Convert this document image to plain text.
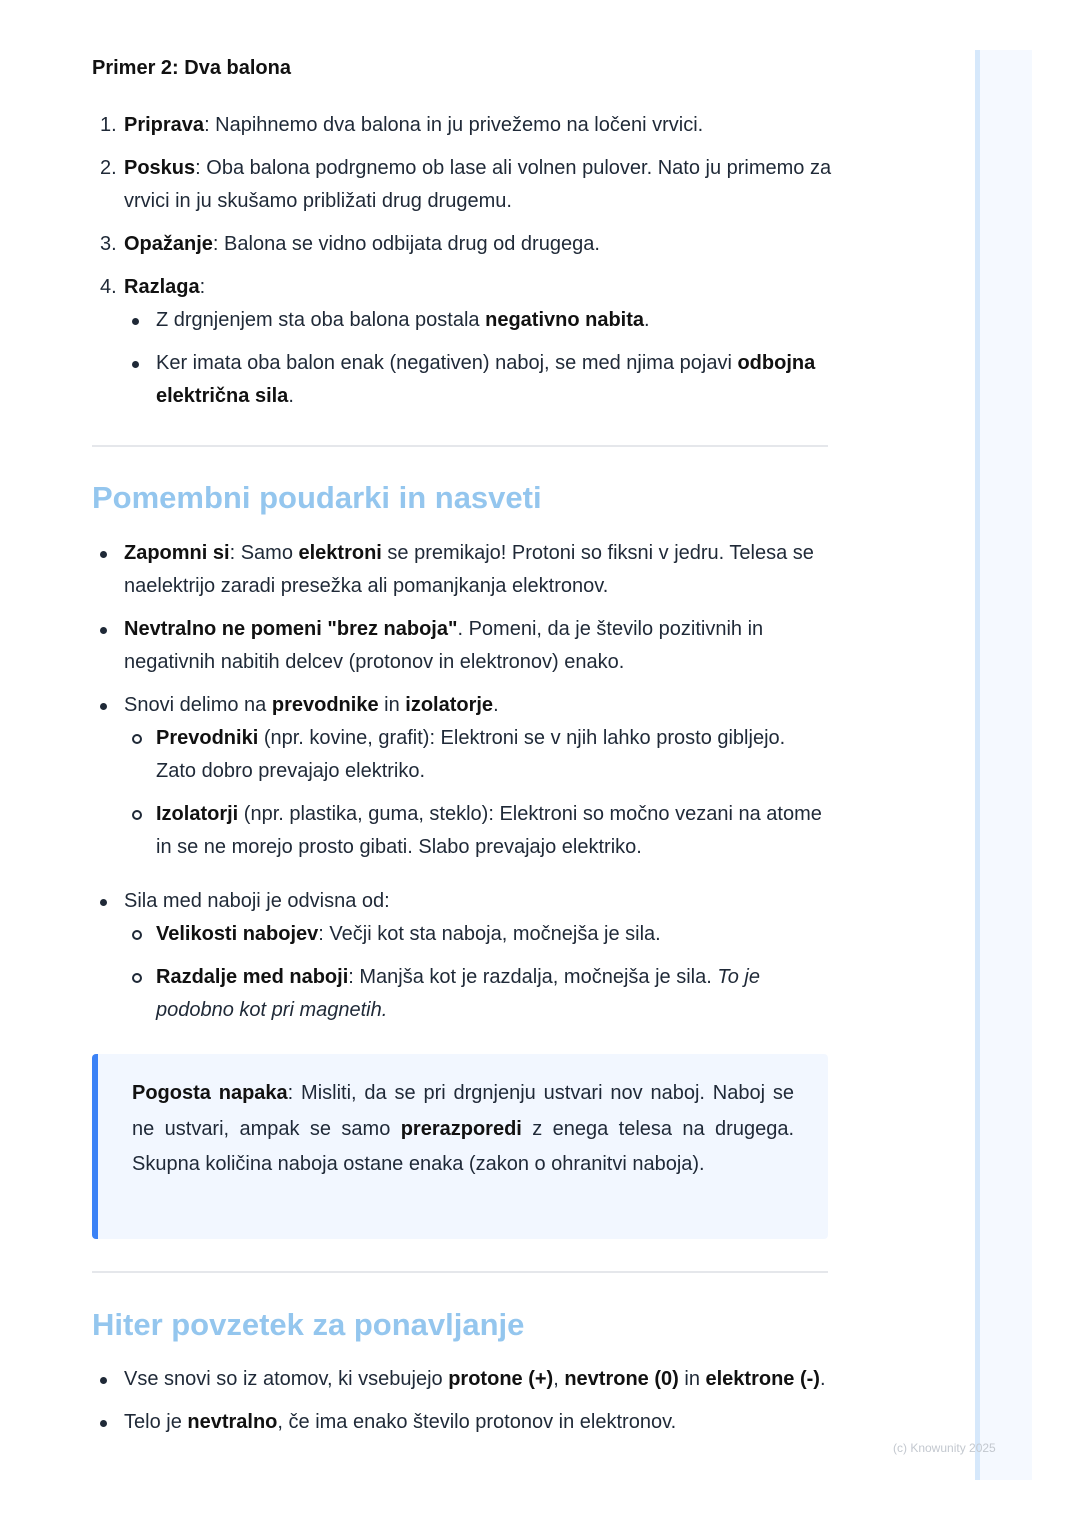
(c) Knowunity 2025

Primer 2: Dva balona

1. Priprava: Napihnemo dva balona in ju privežemo na ločeni vrvici.
2. Poskus: Oba balona podrgnemo ob lase ali volnen pulover. Nato ju primemo za vrvici in ju skušamo približati drug drugemu.
3. Opažanje: Balona se vidno odbijata drug od drugega.
4. Razlaga:
Z drgnjenjem sta oba balona postala negativno nabita.
Ker imata oba balon enak (negativen) naboj, se med njima pojavi odbojna električna sila.
Pomembni poudarki in nasveti
Zapomni si: Samo elektroni se premikajo! Protoni so fiksni v jedru. Telesa se naelektrijo zaradi presežka ali pomanjkanja elektronov.
Nevtralno ne pomeni "brez naboja". Pomeni, da je število pozitivnih in negativnih nabitih delcev (protonov in elektronov) enako.
Snovi delimo na prevodnike in izolatorje.
Prevodniki (npr. kovine, grafit): Elektroni se v njih lahko prosto gibljejo. Zato dobro prevajajo elektriko.
Izolatorji (npr. plastika, guma, steklo): Elektroni so močno vezani na atome in se ne morejo prosto gibati. Slabo prevajajo elektriko.
Sila med naboji je odvisna od:
Velikosti nabojev: Večji kot sta naboja, močnejša je sila.
Razdalje med naboji: Manjša kot je razdalja, močnejša je sila. To je podobno kot pri magnetih.

Pogosta napaka: Misliti, da se pri drgnjenju ustvari nov naboj. Naboj se ne ustvari, ampak se samo prerazporedi z enega telesa na drugega. Skupna količina naboja ostane enaka (zakon o ohranitvi naboja).

Hiter povzetek za ponavljanje
Vse snovi so iz atomov, ki vsebujejo protone (+), nevtrone (0) in elektrone (-).
Telo je nevtralno, če ima enako število protonov in elektronov.
